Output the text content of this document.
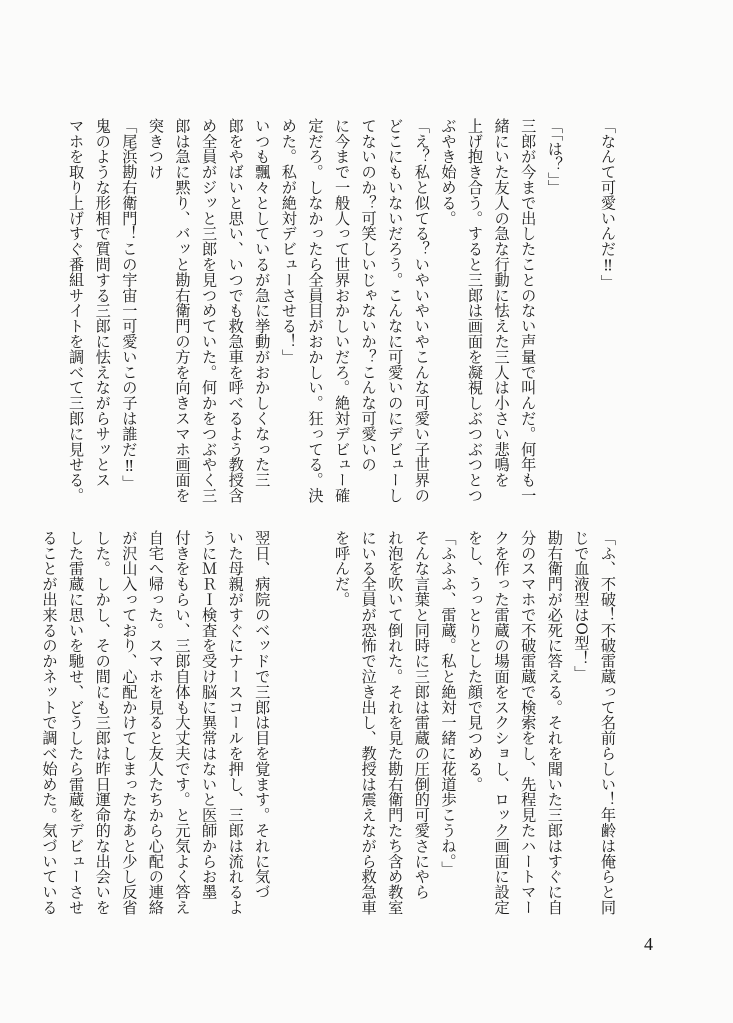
「なんて可愛いんだ‼」

「「は？」」
三郎が今まで出したことのない声量で叫んだ。何年も一
緒にいた友人の急な行動に怯えた三人は小さい悲鳴を
上げ抱き合う。すると三郎は画面を凝視しぶつぶつとつ
ぶやき始める。
「え？私と似てる？いやいやいやこんな可愛い子世界の
どこにもいないだろう。こんなに可愛いのにデビューし
てないのか？可笑しいじゃないか？こんな可愛いの
に今まで一般人って世界おかしいだろ。絶対デビュー確
定だろ。しなかったら全員目がおかしい。狂ってる。決
めた。私が絶対デビューさせる！」
いつも飄々としているが急に挙動がおかしくなった三
郎をやばいと思い、いつでも救急車を呼べるよう教授含
め全員がジッと三郎を見つめていた。何かをつぶやく三
郎は急に黙り、バッと勘右衛門の方を向きスマホ画面を
突きつけ
「尾浜勘右衛門！この宇宙一可愛いこの子は誰だ‼」
鬼のような形相で質問する三郎に怯えながらサッとス
マホを取り上げすぐ番組サイトを調べて三郎に見せる。
「ふ、不破！不破雷蔵って名前らしい！年齢は俺らと同
じで血液型はO型！」
勘右衛門が必死に答える。それを聞いた三郎はすぐに自
分のスマホで不破雷蔵で検索をし、先程見たハートマー
クを作った雷蔵の場面をスクショし、ロック画面に設定
をし、うっとりとした顔で見つめる。
「ふふふ、雷蔵。私と絶対一緒に花道歩こうね。」
そんな言葉と同時に三郎は雷蔵の圧倒的可愛さにやら
れ泡を吹いて倒れた。それを見た勘右衛門たち含め教室
にいる全員が恐怖で泣き出し、教授は震えながら救急車
を呼んだ。

翌日、病院のベッドで三郎は目を覚ます。それに気づ
いた母親がすぐにナースコールを押し、三郎は流れるよ
うにＭＲＩ検査を受け脳に異常はないと医師からお墨
付きをもらい、三郎自体も大丈夫です。と元気よく答え
自宅へ帰った。スマホを見ると友人たちから心配の連絡
が沢山入っており、心配かけてしまったなあと少し反省
した。しかし、その間にも三郎は昨日運命的な出会いを
した雷蔵に思いを馳せ、どうしたら雷蔵をデビューさせ
ることが出来るのかネットで調べ始めた。気づいている
4
